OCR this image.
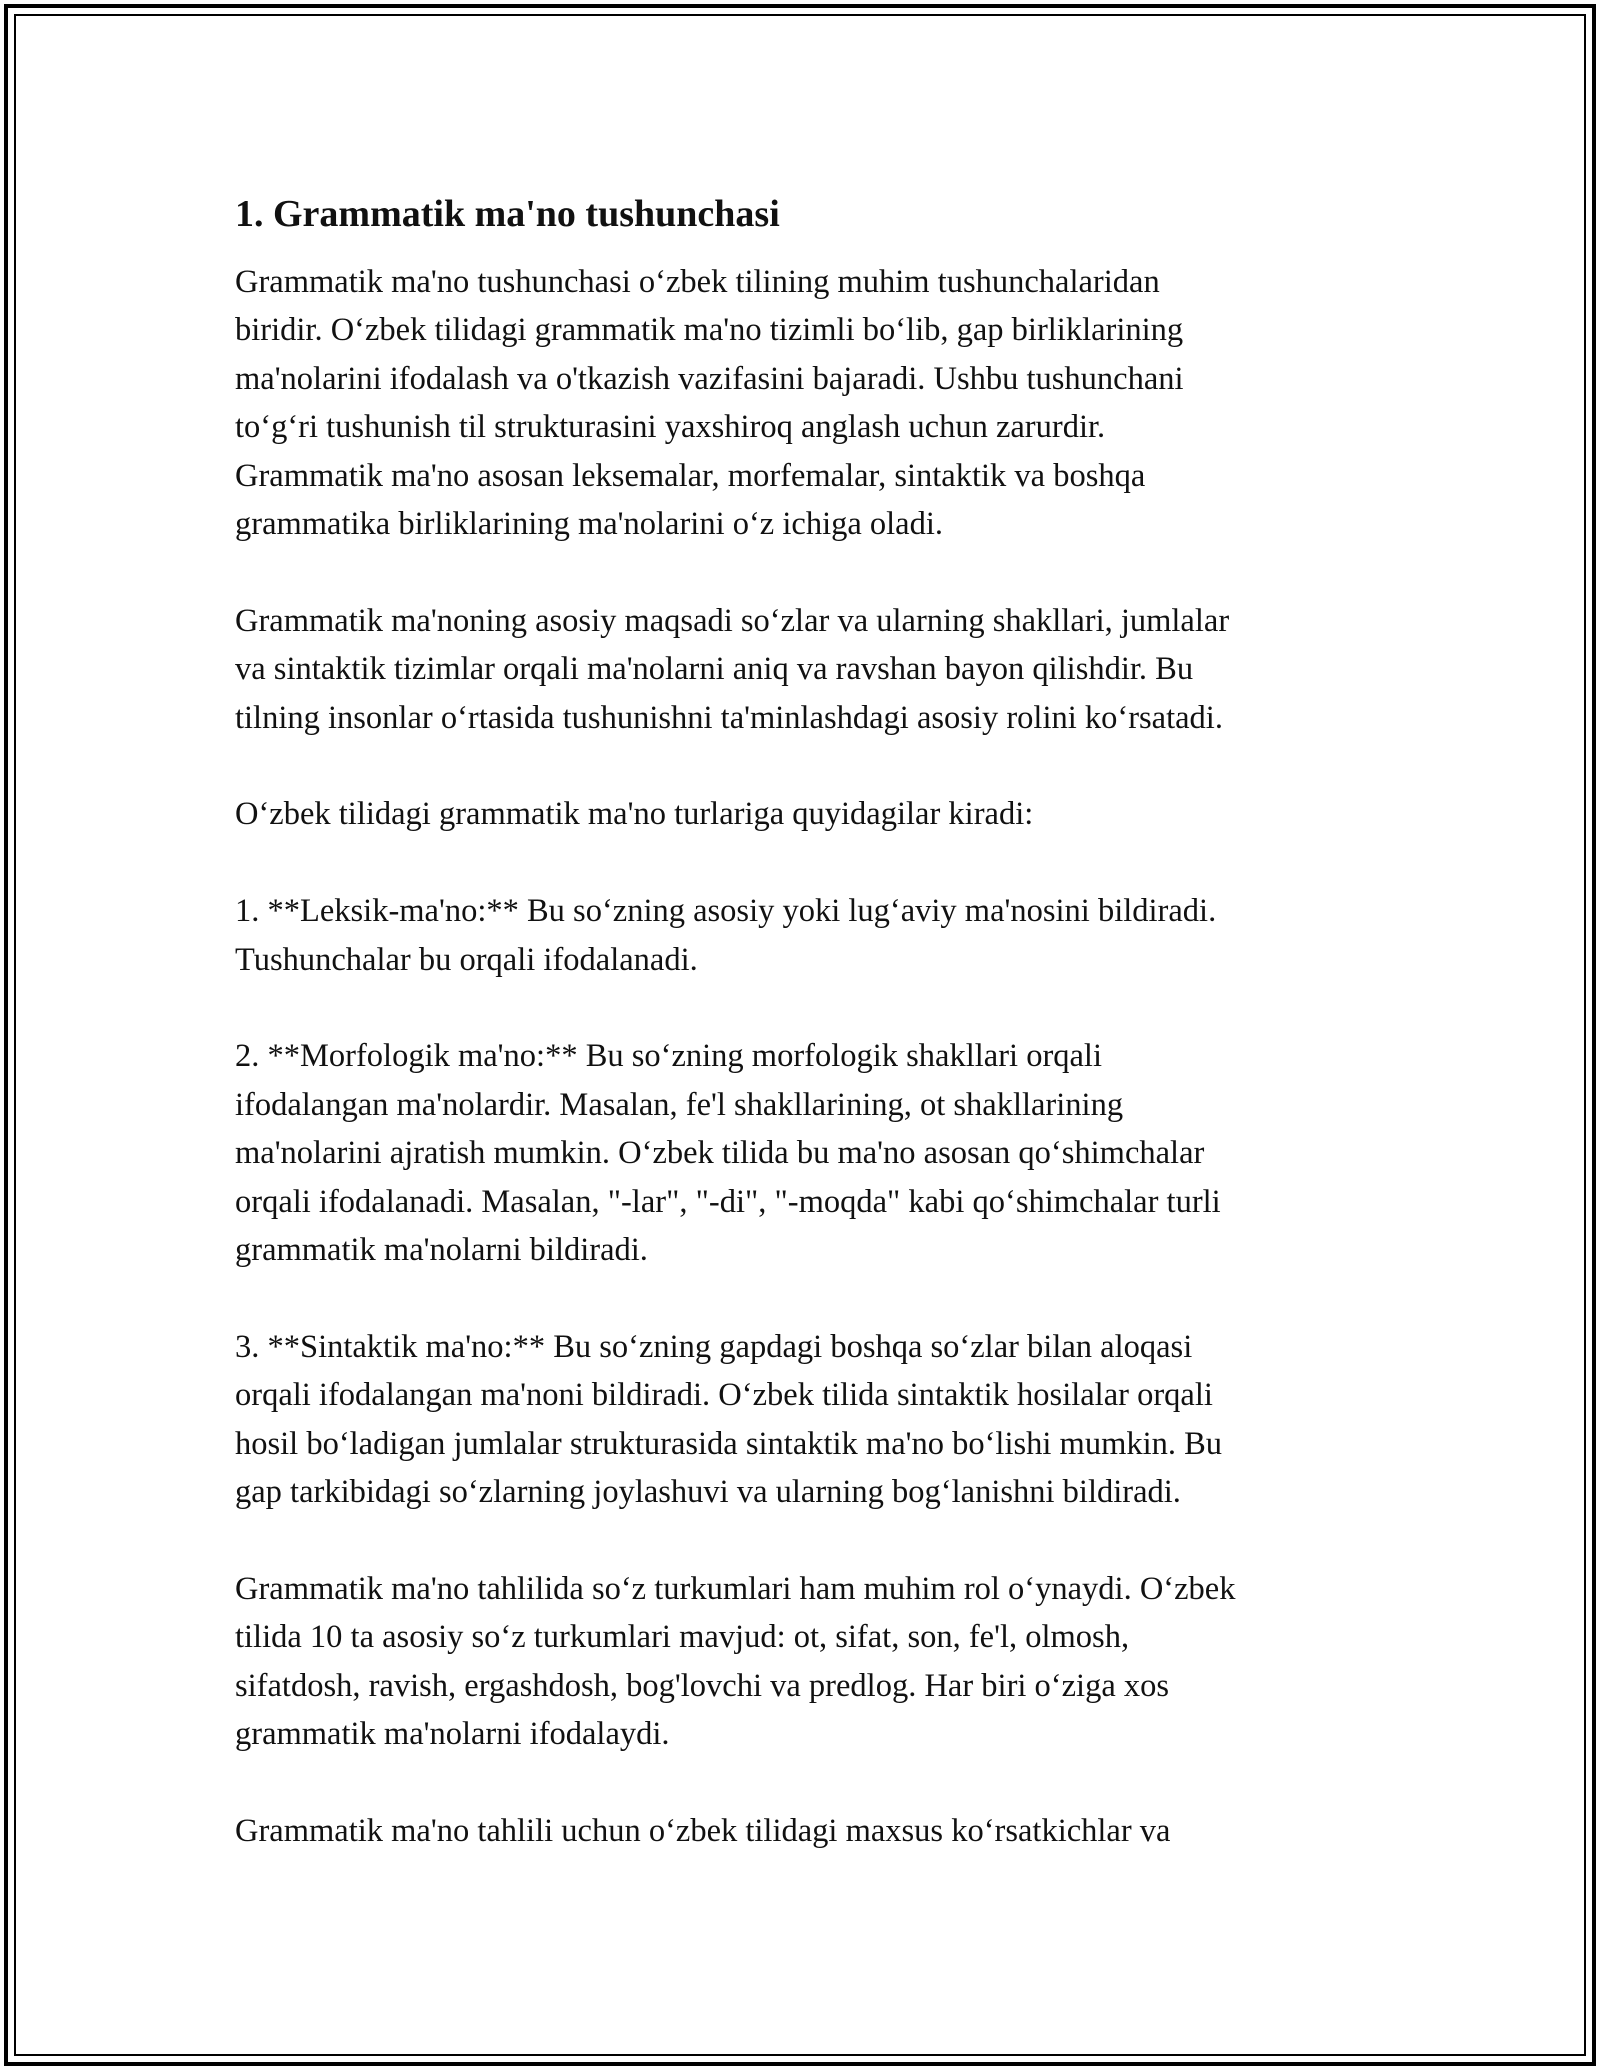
1. Grammatik ma'no tushunchasi

Grammatik ma'no tushunchasi oʻzbek tilining muhim tushunchalaridan
biridir. Oʻzbek tilidagi grammatik ma'no tizimli boʻlib, gap birliklarining
ma'nolarini ifodalash va o'tkazish vazifasini bajaradi. Ushbu tushunchani
toʻgʻri tushunish til strukturasini yaxshiroq anglash uchun zarurdir.
Grammatik ma'no asosan leksemalar, morfemalar, sintaktik va boshqa
grammatika birliklarining ma'nolarini oʻz ichiga oladi.

Grammatik ma'noning asosiy maqsadi soʻzlar va ularning shakllari, jumlalar
va sintaktik tizimlar orqali ma'nolarni aniq va ravshan bayon qilishdir. Bu
tilning insonlar oʻrtasida tushunishni ta'minlashdagi asosiy rolini koʻrsatadi.

Oʻzbek tilidagi grammatik ma'no turlariga quyidagilar kiradi:

1. **Leksik-ma'no:** Bu soʻzning asosiy yoki lugʻaviy ma'nosini bildiradi.
Tushunchalar bu orqali ifodalanadi.

2. **Morfologik ma'no:** Bu soʻzning morfologik shakllari orqali
ifodalangan ma'nolardir. Masalan, fe'l shakllarining, ot shakllarining
ma'nolarini ajratish mumkin. Oʻzbek tilida bu ma'no asosan qoʻshimchalar
orqali ifodalanadi. Masalan, "-lar", "-di", "-moqda" kabi qoʻshimchalar turli
grammatik ma'nolarni bildiradi.

3. **Sintaktik ma'no:** Bu soʻzning gapdagi boshqa soʻzlar bilan aloqasi
orqali ifodalangan ma'noni bildiradi. Oʻzbek tilida sintaktik hosilalar orqali
hosil boʻladigan jumlalar strukturasida sintaktik ma'no boʻlishi mumkin. Bu
gap tarkibidagi soʻzlarning joylashuvi va ularning bogʻlanishni bildiradi.

Grammatik ma'no tahlilida soʻz turkumlari ham muhim rol oʻynaydi. Oʻzbek
tilida 10 ta asosiy soʻz turkumlari mavjud: ot, sifat, son, fe'l, olmosh,
sifatdosh, ravish, ergashdosh, bog'lovchi va predlog. Har biri oʻziga xos
grammatik ma'nolarni ifodalaydi.

Grammatik ma'no tahlili uchun oʻzbek tilidagi maxsus koʻrsatkichlar va
